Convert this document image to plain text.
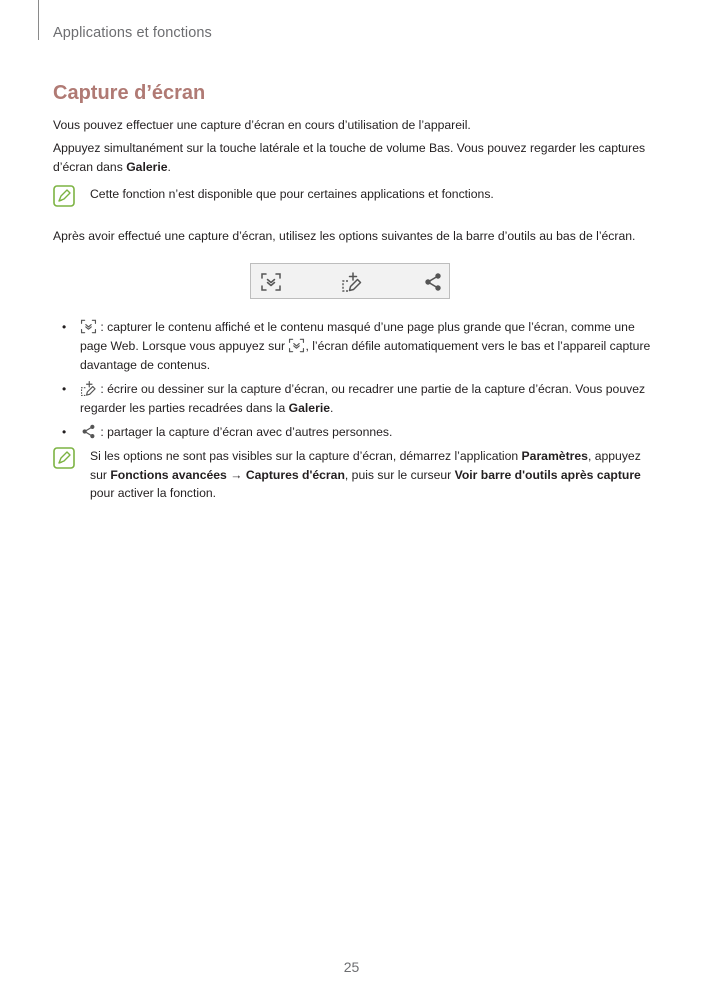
Applications et fonctions
Capture d’écran

Vous pouvez effectuer une capture d’écran en cours d’utilisation de l’appareil.

Appuyez simultanément sur la touche latérale et la touche de volume Bas. Vous pouvez regarder les captures d’écran dans Galerie.

Cette fonction n’est disponible que pour certaines applications et fonctions.

Après avoir effectué une capture d’écran, utilisez les options suivantes de la barre d’outils au bas de l’écran.

•	: capturer le contenu affiché et le contenu masqué d’une page plus grande que l’écran, comme une page Web. Lorsque vous appuyez sur , l’écran défile automatiquement vers le bas et l’appareil capture davantage de contenus.
•	: écrire ou dessiner sur la capture d’écran, ou recadrer une partie de la capture d’écran. Vous pouvez regarder les parties recadrées dans la Galerie.
•	: partager la capture d’écran avec d’autres personnes.
Si les options ne sont pas visibles sur la capture d’écran, démarrez l’application Paramètres, appuyez sur Fonctions avancées → Captures d'écran, puis sur le curseur Voir barre d'outils après capture pour activer la fonction.
25
